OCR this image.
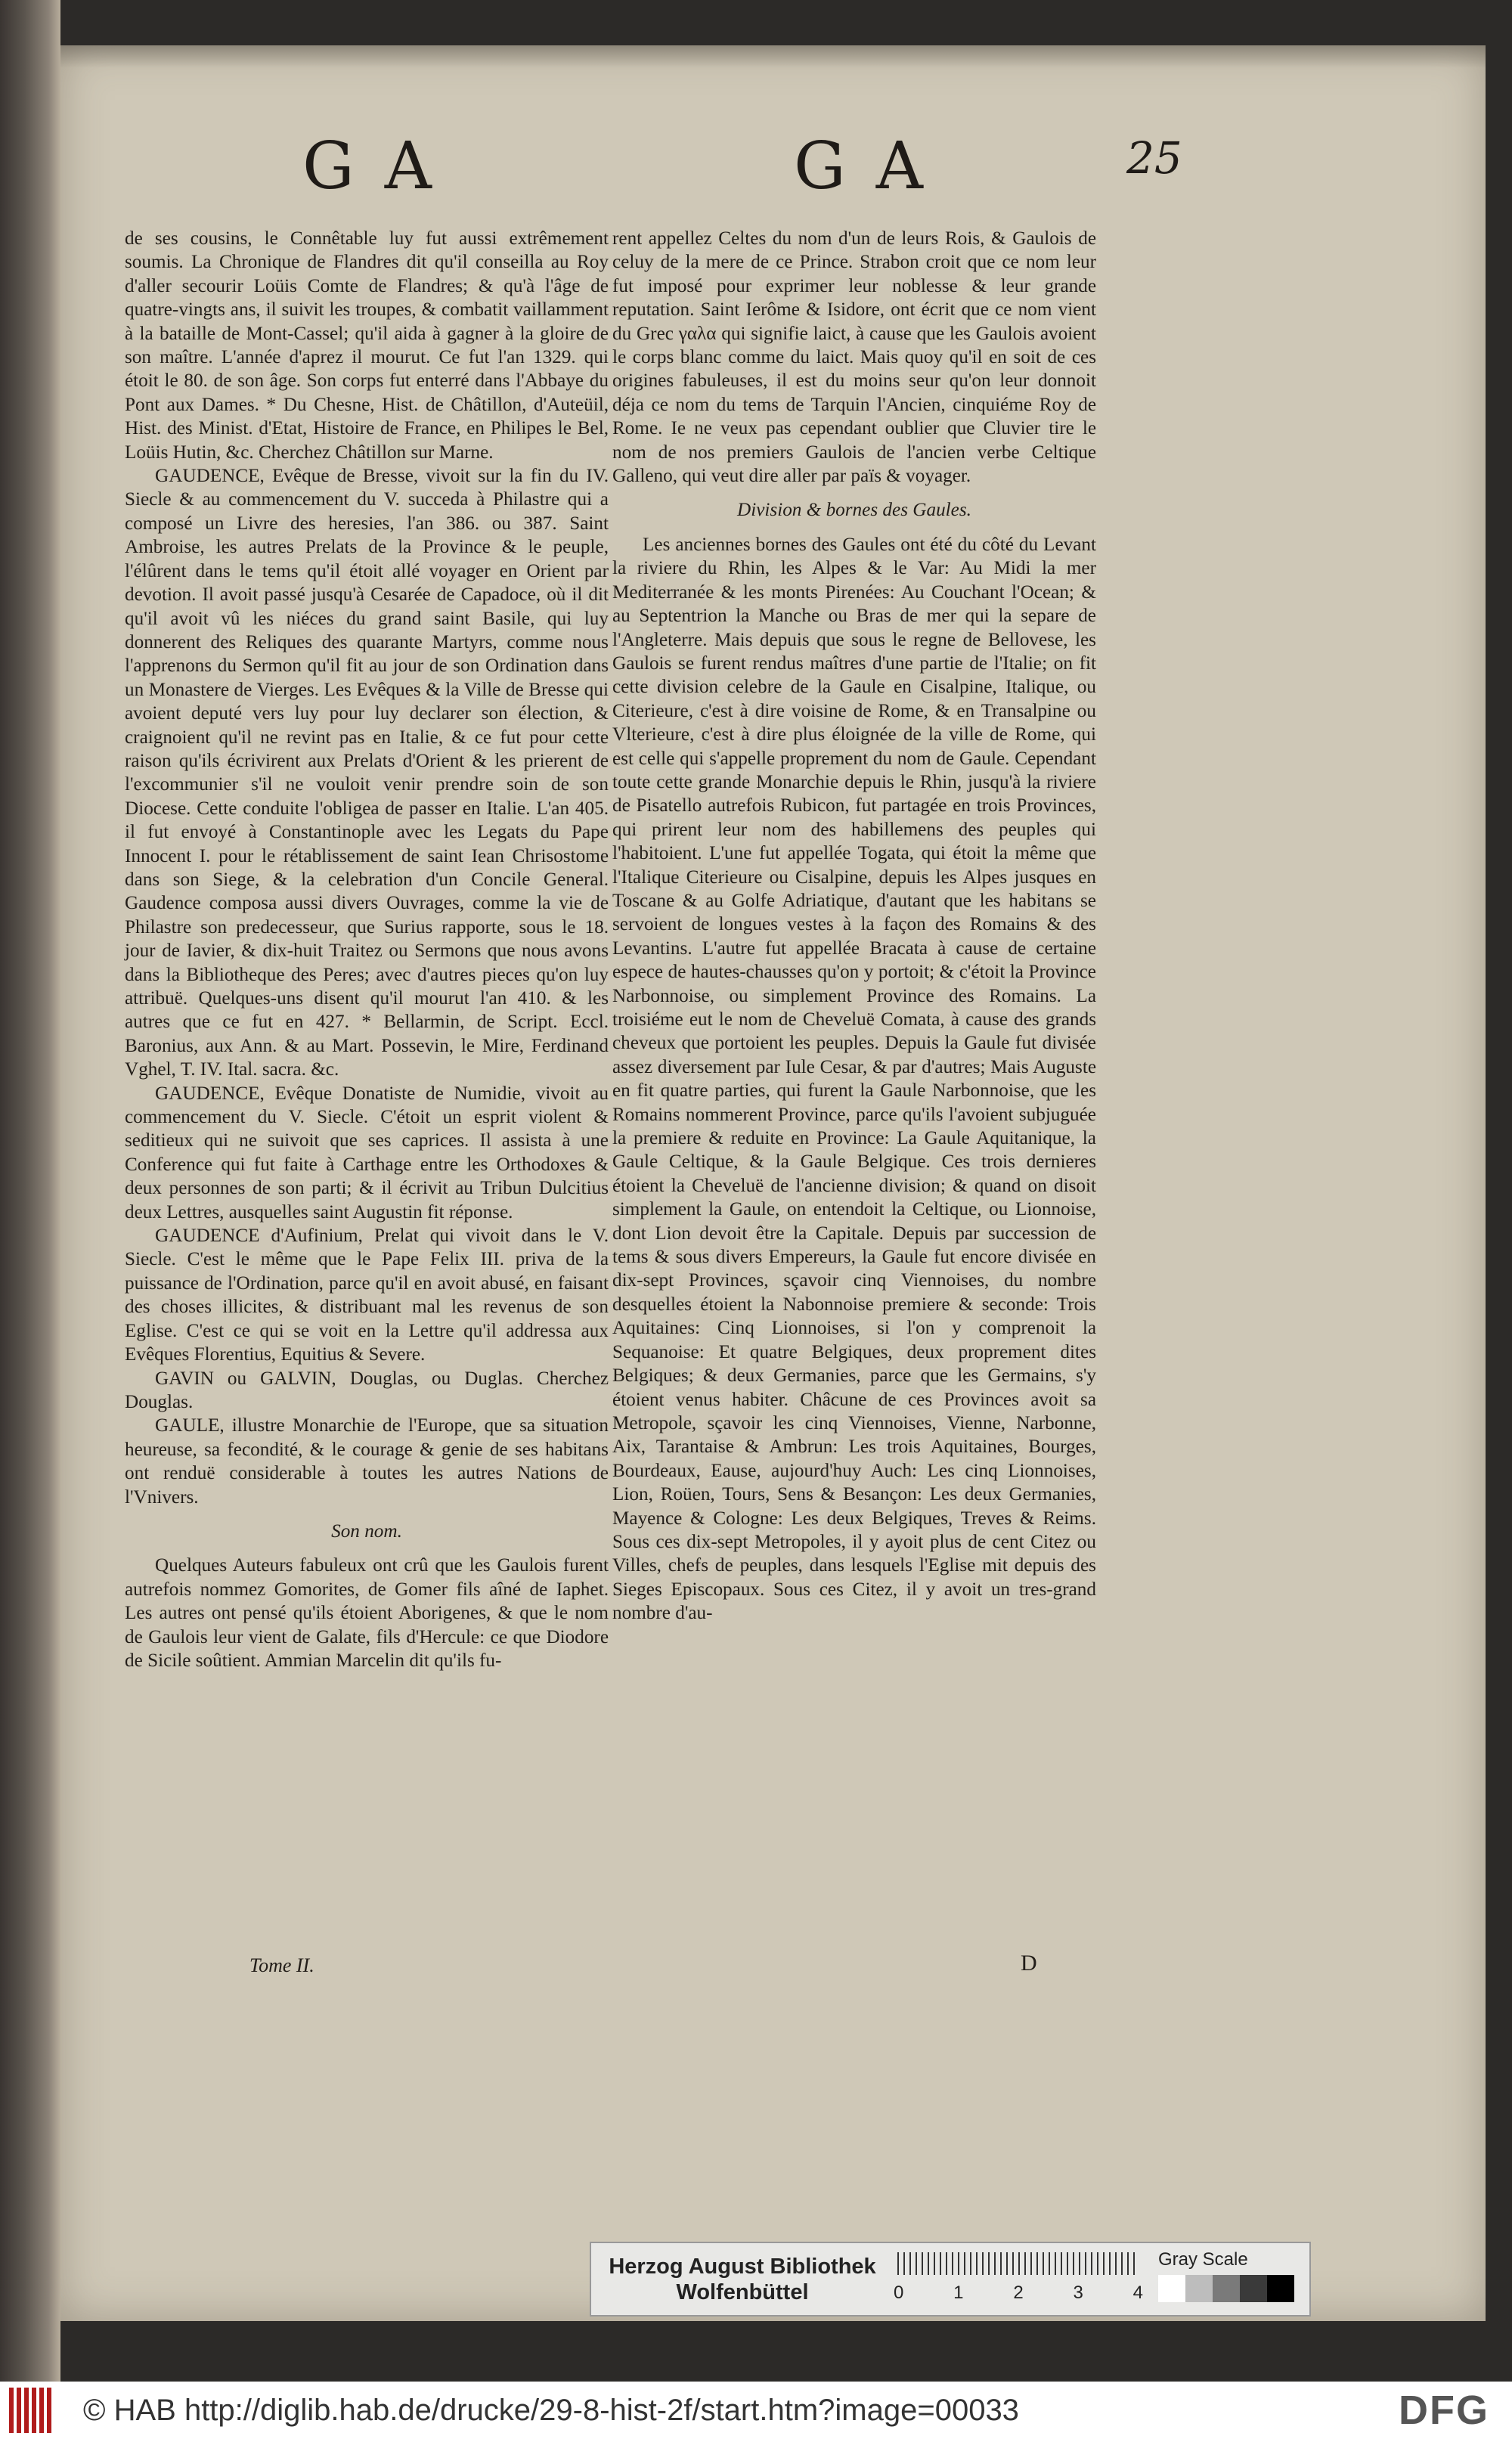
GA	GA	25

de ses cousins, le Connêtable luy fut aussi extrêmement soumis. La Chronique de Flandres dit qu'il conseilla au Roy d'aller secourir Loüis Comte de Flandres; & qu'à l'âge de quatre-vingts ans, il suivit les troupes, & combatit vaillamment à la bataille de Mont-Cassel; qu'il aida à gagner à la gloire de son maître. L'année d'aprez il mourut. Ce fut l'an 1329. qui étoit le 80. de son âge. Son corps fut enterré dans l'Abbaye du Pont aux Dames. * Du Chesne, Hist. de Châtillon, d'Auteüil, Hist. des Minist. d'Etat, Histoire de France, en Philipes le Bel, Loüis Hutin, &c. Cherchez Châtillon sur Marne.

GAUDENCE, Evêque de Bresse, vivoit sur la fin du IV. Siecle & au commencement du V. succeda à Philastre qui a composé un Livre des heresies, l'an 386. ou 387. Saint Ambroise, les autres Prelats de la Province & le peuple, l'élûrent dans le tems qu'il étoit allé voyager en Orient par devotion. Il avoit passé jusqu'à Cesarée de Capadoce, où il dit qu'il avoit vû les niéces du grand saint Basile, qui luy donnerent des Reliques des quarante Martyrs, comme nous l'apprenons du Sermon qu'il fit au jour de son Ordination dans un Monastere de Vierges. Les Evêques & la Ville de Bresse qui avoient deputé vers luy pour luy declarer son élection, & craignoient qu'il ne revint pas en Italie, & ce fut pour cette raison qu'ils écrivirent aux Prelats d'Orient & les prierent de l'excommunier s'il ne vouloit venir prendre soin de son Diocese. Cette conduite l'obligea de passer en Italie. L'an 405. il fut envoyé à Constantinople avec les Legats du Pape Innocent I. pour le rétablissement de saint Iean Chrisostome dans son Siege, & la celebration d'un Concile General. Gaudence composa aussi divers Ouvrages, comme la vie de Philastre son predecesseur, que Surius rapporte, sous le 18. jour de Iavier, & dix-huit Traitez ou Sermons que nous avons dans la Bibliotheque des Peres; avec d'autres pieces qu'on luy attribuë. Quelques-uns disent qu'il mourut l'an 410. & les autres que ce fut en 427. * Bellarmin, de Script. Eccl. Baronius, aux Ann. & au Mart. Possevin, le Mire, Ferdinand Vghel, T. IV. Ital. sacra. &c.

GAUDENCE, Evêque Donatiste de Numidie, vivoit au commencement du V. Siecle. C'étoit un esprit violent & seditieux qui ne suivoit que ses caprices. Il assista à une Conference qui fut faite à Carthage entre les Orthodoxes & deux personnes de son parti; & il écrivit au Tribun Dulcitius deux Lettres, ausquelles saint Augustin fit réponse.

GAUDENCE d'Aufinium, Prelat qui vivoit dans le V. Siecle. C'est le même que le Pape Felix III. priva de la puissance de l'Ordination, parce qu'il en avoit abusé, en faisant des choses illicites, & distribuant mal les revenus de son Eglise. C'est ce qui se voit en la Lettre qu'il addressa aux Evêques Florentius, Equitius & Severe.

GAVIN ou GALVIN, Douglas, ou Duglas. Cherchez Douglas.

GAULE, illustre Monarchie de l'Europe, que sa situation heureuse, sa fecondité, & le courage & genie de ses habitans ont renduë considerable à toutes les autres Nations de l'Vnivers.

Son nom.

Quelques Auteurs fabuleux ont crû que les Gaulois furent autrefois nommez Gomorites, de Gomer fils aîné de Iaphet. Les autres ont pensé qu'ils étoient Aborigenes, & que le nom de Gaulois leur vient de Galate, fils d'Hercule: ce que Diodore de Sicile soûtient. Ammian Marcelin dit qu'ils fu-

rent appellez Celtes du nom d'un de leurs Rois, & Gaulois de celuy de la mere de ce Prince. Strabon croit que ce nom leur fut imposé pour exprimer leur noblesse & leur grande reputation. Saint Ierôme & Isidore, ont écrit que ce nom vient du Grec γαλα qui signifie laict, à cause que les Gaulois avoient le corps blanc comme du laict. Mais quoy qu'il en soit de ces origines fabuleuses, il est du moins seur qu'on leur donnoit déja ce nom du tems de Tarquin l'Ancien, cinquiéme Roy de Rome. Ie ne veux pas cependant oublier que Cluvier tire le nom de nos premiers Gaulois de l'ancien verbe Celtique Galleno, qui veut dire aller par païs & voyager.

Division & bornes des Gaules.

Les anciennes bornes des Gaules ont été du côté du Levant la riviere du Rhin, les Alpes & le Var: Au Midi la mer Mediterranée & les monts Pirenées: Au Couchant l'Ocean; & au Septentrion la Manche ou Bras de mer qui la separe de l'Angleterre. Mais depuis que sous le regne de Bellovese, les Gaulois se furent rendus maîtres d'une partie de l'Italie; on fit cette division celebre de la Gaule en Cisalpine, Italique, ou Citerieure, c'est à dire voisine de Rome, & en Transalpine ou Vlterieure, c'est à dire plus éloignée de la ville de Rome, qui est celle qui s'appelle proprement du nom de Gaule. Cependant toute cette grande Monarchie depuis le Rhin, jusqu'à la riviere de Pisatello autrefois Rubicon, fut partagée en trois Provinces, qui prirent leur nom des habillemens des peuples qui l'habitoient. L'une fut appellée Togata, qui étoit la même que l'Italique Citerieure ou Cisalpine, depuis les Alpes jusques en Toscane & au Golfe Adriatique, d'autant que les habitans se servoient de longues vestes à la façon des Romains & des Levantins. L'autre fut appellée Bracata à cause de certaine espece de hautes-chausses qu'on y portoit; & c'étoit la Province Narbonnoise, ou simplement Province des Romains. La troisiéme eut le nom de Cheveluë Comata, à cause des grands cheveux que portoient les peuples. Depuis la Gaule fut divisée assez diversement par Iule Cesar, & par d'autres; Mais Auguste en fit quatre parties, qui furent la Gaule Narbonnoise, que les Romains nommerent Province, parce qu'ils l'avoient subjuguée la premiere & reduite en Province: La Gaule Aquitanique, la Gaule Celtique, & la Gaule Belgique. Ces trois dernieres étoient la Cheveluë de l'ancienne division; & quand on disoit simplement la Gaule, on entendoit la Celtique, ou Lionnoise, dont Lion devoit être la Capitale. Depuis par succession de tems & sous divers Empereurs, la Gaule fut encore divisée en dix-sept Provinces, sçavoir cinq Viennoises, du nombre desquelles étoient la Nabonnoise premiere & seconde: Trois Aquitaines: Cinq Lionnoises, si l'on y comprenoit la Sequanoise: Et quatre Belgiques, deux proprement dites Belgiques; & deux Germanies, parce que les Germains, s'y étoient venus habiter. Châcune de ces Provinces avoit sa Metropole, sçavoir les cinq Viennoises, Vienne, Narbonne, Aix, Tarantaise & Ambrun: Les trois Aquitaines, Bourges, Bourdeaux, Eause, aujourd'huy Auch: Les cinq Lionnoises, Lion, Roüen, Tours, Sens & Besançon: Les deux Germanies, Mayence & Cologne: Les deux Belgiques, Treves & Reims. Sous ces dix-sept Metropoles, il y ayoit plus de cent Citez ou Villes, chefs de peuples, dans lesquels l'Eglise mit depuis des Sieges Episcopaux. Sous ces Citez, il y avoit un tres-grand nombre d'au-

Tome II.	D
Herzog August Bibliothek
Wolfenbüttel	0	1	2	3	4
Gray Scale
© HAB http://diglib.hab.de/drucke/29-8-hist-2f/start.htm?image=00033	DFG
